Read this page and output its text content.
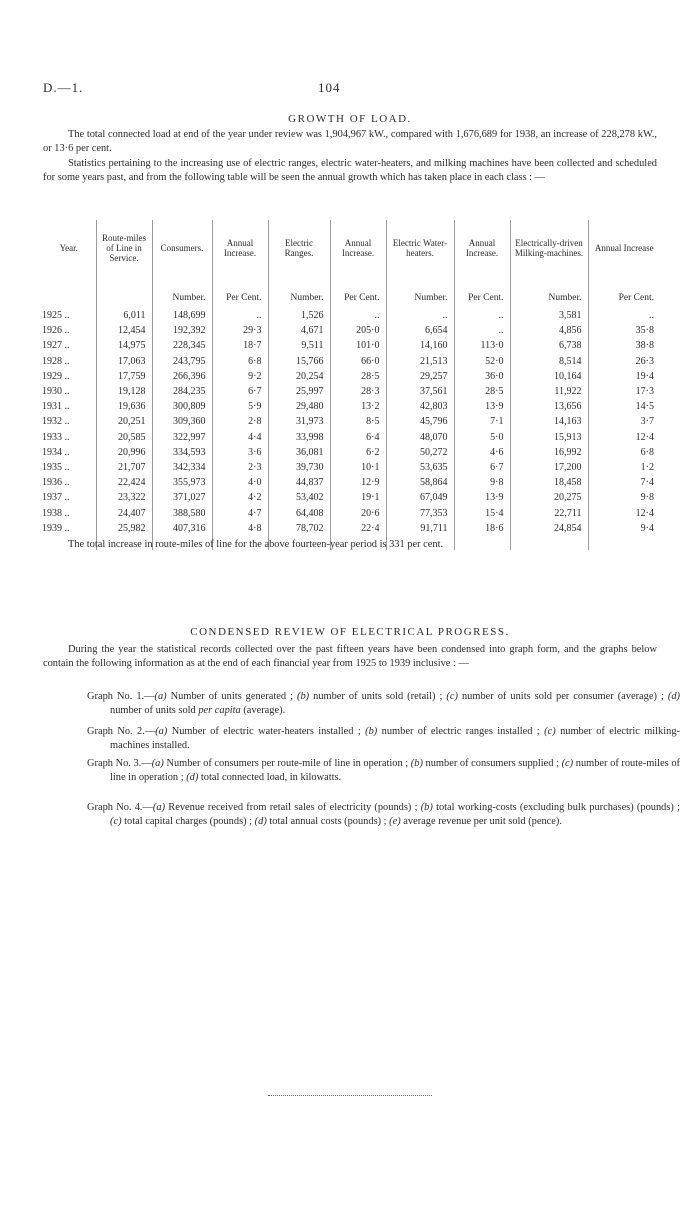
D.—1.	104
GROWTH OF LOAD.
The total connected load at end of the year under review was 1,904,967 kW., compared with 1,676,689 for 1938, an increase of 228,278 kW., or 13·6 per cent.
Statistics pertaining to the increasing use of electric ranges, electric water-heaters, and milking machines have been collected and scheduled for some years past, and from the following table will be seen the annual growth which has taken place in each class : —
Year.	Route-miles of Line in Service.	Consumers.	Annual Increase.	Electric Ranges.	Annual Increase.	Electric Water-heaters.	Annual Increase.	Electrically-driven Milking-machines.	Annual Increase

		Number.	Per Cent.	Number.	Per Cent.	Number.	Per Cent.	Number.	Per Cent.
1925 ..	6,011	148,699	..	1,526	..	..	..	3,581	..
1926 ..	12,454	192,392	29·3	4,671	205·0	6,654	..	4,856	35·8
1927 ..	14,975	228,345	18·7	9,511	101·0	14,160	113·0	6,738	38·8
1928 ..	17,063	243,795	6·8	15,766	66·0	21,513	52·0	8,514	26·3
1929 ..	17,759	266,396	9·2	20,254	28·5	29,257	36·0	10,164	19·4
1930 ..	19,128	284,235	6·7	25,997	28·3	37,561	28·5	11,922	17·3
1931 ..	19,636	300,809	5·9	29,480	13·2	42,803	13·9	13,656	14·5
1932 ..	20,251	309,360	2·8	31,973	8·5	45,796	7·1	14,163	3·7
1933 ..	20,585	322,997	4·4	33,998	6·4	48,070	5·0	15,913	12·4
1934 ..	20,996	334,593	3·6	36,081	6·2	50,272	4·6	16,992	6·8
1935 ..	21,707	342,334	2·3	39,730	10·1	53,635	6·7	17,200	1·2
1936 ..	22,424	355,973	4·0	44,837	12·9	58,864	9·8	18,458	7·4
1937 ..	23,322	371,027	4·2	53,402	19·1	67,049	13·9	20,275	9·8
1938 ..	24,407	388,580	4·7	64,408	20·6	77,353	15·4	22,711	12·4
1939 ..	25,982	407,316	4·8	78,702	22·4	91,711	18·6	24,854	9·4

The total increase in route-miles of line for the above fourteen-year period is 331 per cent.
CONDENSED REVIEW OF ELECTRICAL PROGRESS.
During the year the statistical records collected over the past fifteen years have been condensed into graph form, and the graphs below contain the following information as at the end of each financial year from 1925 to 1939 inclusive : —
Graph No. 1.—(a) Number of units generated ; (b) number of units sold (retail) ; (c) number of units sold per consumer (average) ; (d) number of units sold per capita (average).
Graph No. 2.—(a) Number of electric water-heaters installed ; (b) number of electric ranges installed ; (c) number of electric milking-machines installed.
Graph No. 3.—(a) Number of consumers per route-mile of line in operation ; (b) number of consumers supplied ; (c) number of route-miles of line in operation ; (d) total connected load, in kilowatts.
Graph No. 4.—(a) Revenue received from retail sales of electricity (pounds) ; (b) total working-costs (excluding bulk purchases) (pounds) ; (c) total capital charges (pounds) ; (d) total annual costs (pounds) ; (e) average revenue per unit sold (pence).
